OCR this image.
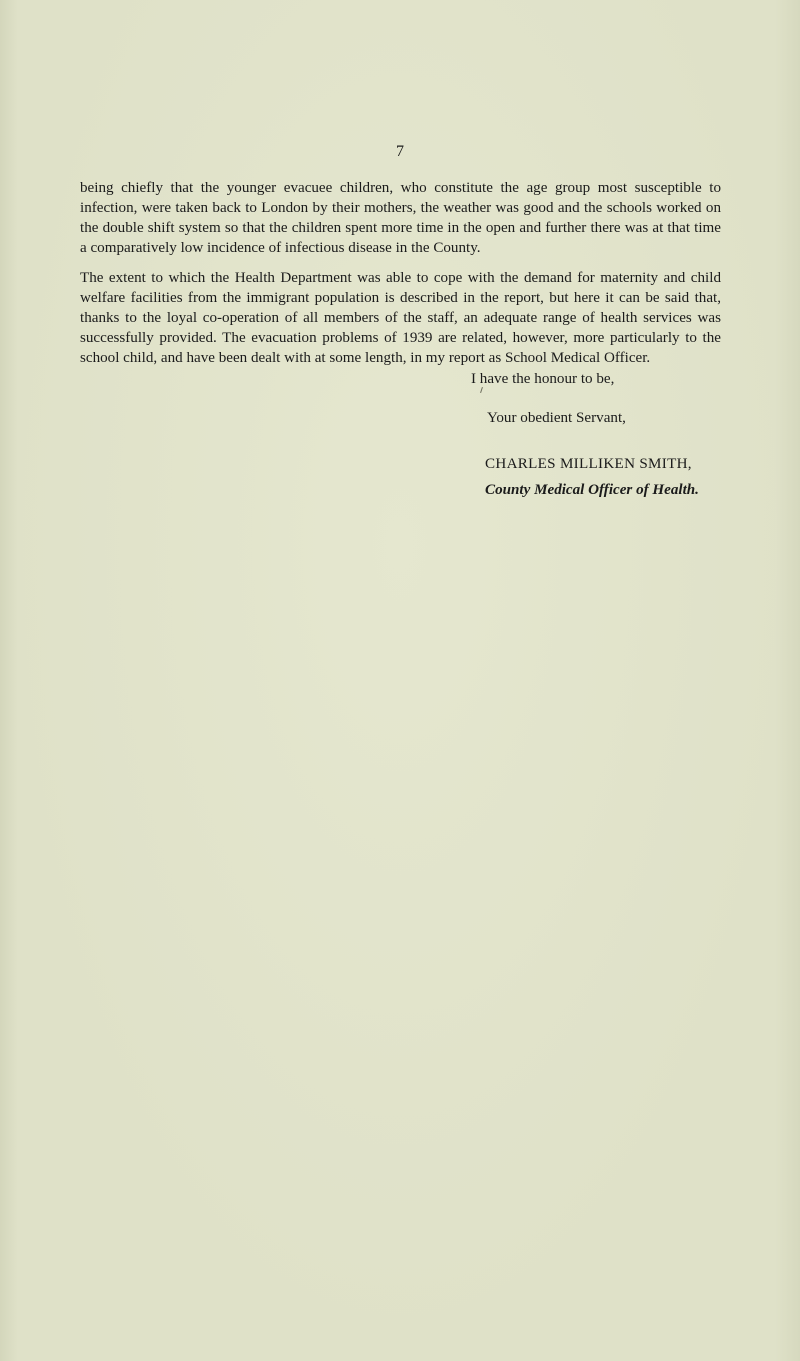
7

being chiefly that the younger evacuee children, who constitute the age group most susceptible to infection, were taken back to London by their mothers, the weather was good and the schools worked on the double shift system so that the children spent more time in the open and further there was at that time a comparatively low incidence of infectious disease in the County.

The extent to which the Health Department was able to cope with the demand for maternity and child welfare facilities from the immigrant population is described in the report, but here it can be said that, thanks to the loyal co-operation of all members of the staff, an adequate range of health services was successfully provided. The evacuation problems of 1939 are related, however, more particularly to the school child, and have been dealt with at some length, in my report as School Medical Officer.

I have the honour to be,
Your obedient Servant,
CHARLES MILLIKEN SMITH,
County Medical Officer of Health.
